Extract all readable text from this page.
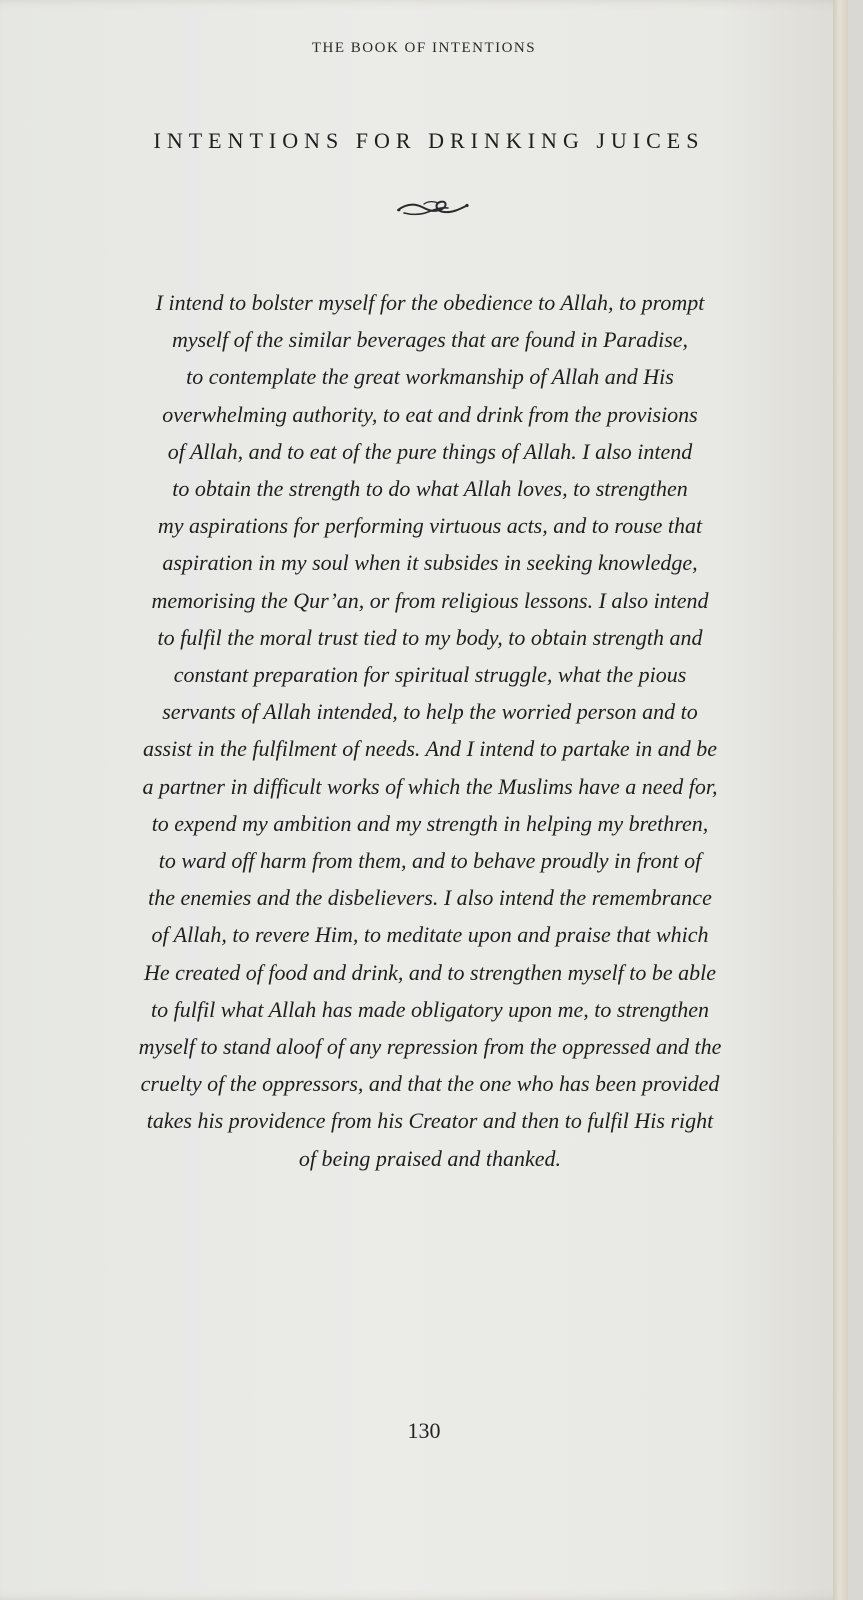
THE BOOK OF INTENTIONS
INTENTIONS FOR DRINKING JUICES

I intend to bolster myself for the obedience to Allah, to prompt
myself of the similar beverages that are found in Paradise,
to contemplate the great workmanship of Allah and His
overwhelming authority, to eat and drink from the provisions
of Allah, and to eat of the pure things of Allah. I also intend
to obtain the strength to do what Allah loves, to strengthen
my aspirations for performing virtuous acts, and to rouse that
aspiration in my soul when it subsides in seeking knowledge,
memorising the Qur’an, or from religious lessons. I also intend
to fulfil the moral trust tied to my body, to obtain strength and
constant preparation for spiritual struggle, what the pious
servants of Allah intended, to help the worried person and to
assist in the fulfilment of needs. And I intend to partake in and be
a partner in difficult works of which the Muslims have a need for,
to expend my ambition and my strength in helping my brethren,
to ward off harm from them, and to behave proudly in front of
the enemies and the disbelievers. I also intend the remembrance
of Allah, to revere Him, to meditate upon and praise that which
He created of food and drink, and to strengthen myself to be able
to fulfil what Allah has made obligatory upon me, to strengthen
myself to stand aloof of any repression from the oppressed and the
cruelty of the oppressors, and that the one who has been provided
takes his providence from his Creator and then to fulfil His right
of being praised and thanked.

130
